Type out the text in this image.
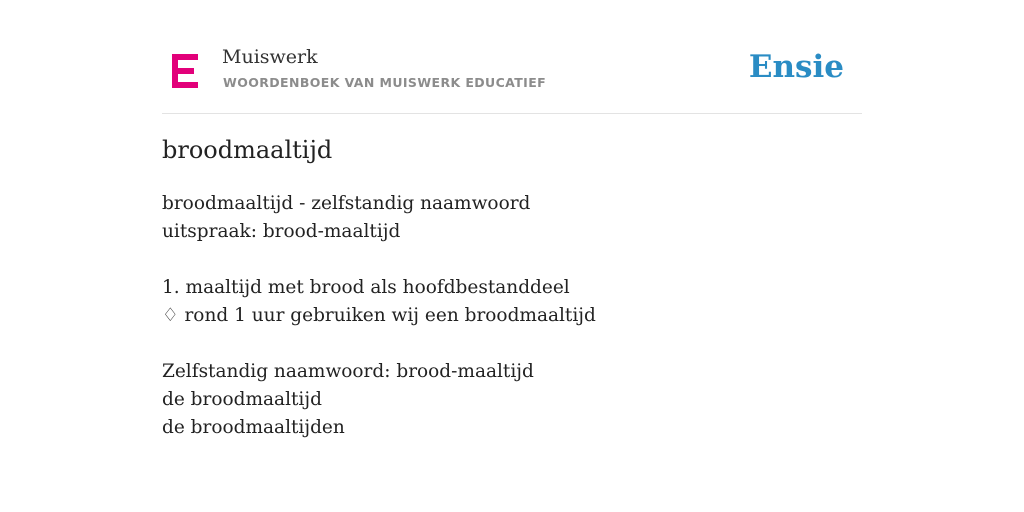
Muiswerk
WOORDENBOEK VAN MUISWERK EDUCATIEF	Ensie
broodmaaltijd
broodmaaltijd - zelfstandig naamwoord
uitspraak: brood-maaltijd
1. maaltijd met brood als hoofdbestanddeel
♢ rond 1 uur gebruiken wij een broodmaaltijd
Zelfstandig naamwoord: brood-maaltijd
de broodmaaltijd
de broodmaaltijden
